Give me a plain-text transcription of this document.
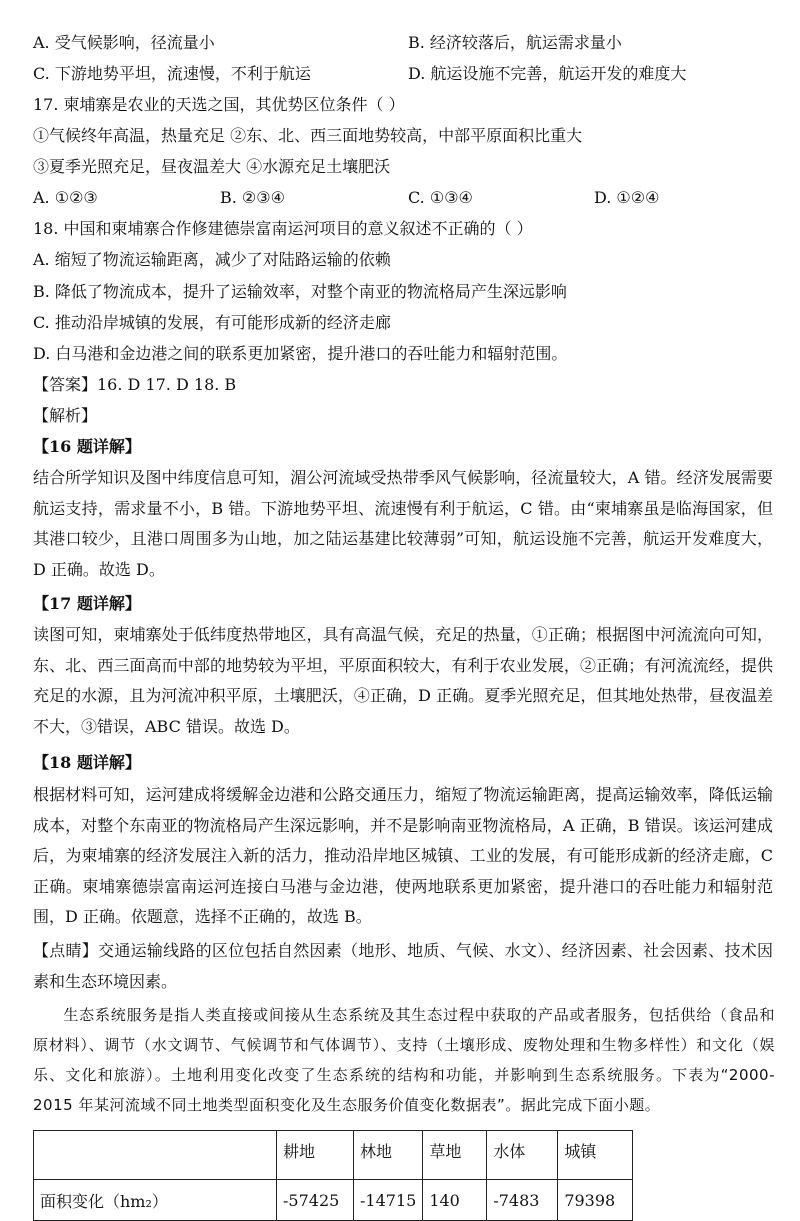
A. 受气候影响，径流量小	B. 经济较落后，航运需求量小
C. 下游地势平坦，流速慢，不利于航运	D. 航运设施不完善，航运开发的难度大
17. 柬埔寨是农业的天选之国，其优势区位条件（ ）
①气候终年高温，热量充足 ②东、北、西三面地势较高，中部平原面积比重大
③夏季光照充足，昼夜温差大 ④水源充足土壤肥沃
A. ①②③	B. ②③④	C. ①③④	D. ①②④
18. 中国和柬埔寨合作修建德崇富南运河项目的意义叙述不正确的（ ）
A. 缩短了物流运输距离，减少了对陆路运输的依赖
B. 降低了物流成本，提升了运输效率，对整个南亚的物流格局产生深远影响
C. 推动沿岸城镇的发展，有可能形成新的经济走廊
D. 白马港和金边港之间的联系更加紧密，提升港口的吞吐能力和辐射范围。
【答案】16. D 17. D 18. B
【解析】
【16 题详解】
结合所学知识及图中纬度信息可知，湄公河流域受热带季风气候影响，径流量较大，A 错。经济发展需要航运支持，需求量不小，B 错。下游地势平坦、流速慢有利于航运，C 错。由“柬埔寨虽是临海国家，但其港口较少，且港口周围多为山地，加之陆运基建比较薄弱”可知，航运设施不完善，航运开发难度大，D 正确。故选 D。
【17 题详解】
读图可知，柬埔寨处于低纬度热带地区，具有高温气候，充足的热量，①正确；根据图中河流流向可知，东、北、西三面高而中部的地势较为平坦，平原面积较大，有利于农业发展，②正确；有河流流经，提供充足的水源，且为河流冲积平原，土壤肥沃，④正确，D 正确。夏季光照充足，但其地处热带，昼夜温差不大，③错误，ABC 错误。故选 D。
【18 题详解】
根据材料可知，运河建成将缓解金边港和公路交通压力，缩短了物流运输距离，提高运输效率，降低运输成本，对整个东南亚的物流格局产生深远影响，并不是影响南亚物流格局，A 正确，B 错误。该运河建成后，为柬埔寨的经济发展注入新的活力，推动沿岸地区城镇、工业的发展，有可能形成新的经济走廊，C 正确。柬埔寨德崇富南运河连接白马港与金边港，使两地联系更加紧密，提升港口的吞吐能力和辐射范围，D 正确。依题意，选择不正确的，故选 B。
【点睛】交通运输线路的区位包括自然因素（地形、地质、气候、水文）、经济因素、社会因素、技术因素和生态环境因素。
生态系统服务是指人类直接或间接从生态系统及其生态过程中获取的产品或者服务，包括供给（食品和原材料）、调节（水文调节、气候调节和气体调节）、支持（土壤形成、废物处理和生物多样性）和文化（娱乐、文化和旅游）。土地利用变化改变了生态系统的结构和功能，并影响到生态系统服务。下表为“2000-2015 年某河流域不同土地类型面积变化及生态服务价值变化数据表”。据此完成下面小题。
	耕地	林地	草地	水体	城镇
面积变化（hm₂）	-57425	-14715	140	-7483	79398
